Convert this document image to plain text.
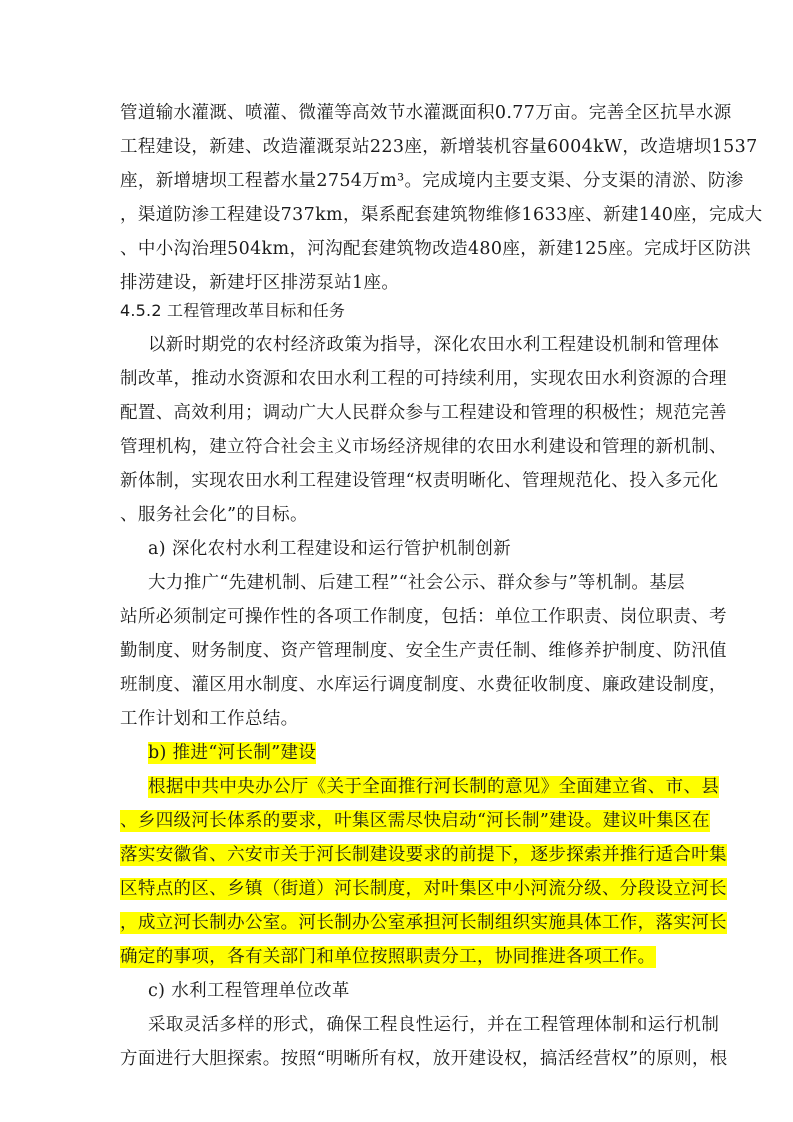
管道输水灌溉、喷灌、微灌等高效节水灌溉面积0.77万亩。完善全区抗旱水源
工程建设，新建、改造灌溉泵站223座，新增装机容量6004kW，改造塘坝1537
座，新增塘坝工程蓄水量2754万m³。完成境内主要支渠、分支渠的清淤、防渗
，渠道防渗工程建设737km，渠系配套建筑物维修1633座、新建140座，完成大
、中小沟治理504km，河沟配套建筑物改造480座，新建125座。完成圩区防洪
排涝建设，新建圩区排涝泵站1座。
4.5.2 工程管理改革目标和任务
以新时期党的农村经济政策为指导，深化农田水利工程建设机制和管理体
制改革，推动水资源和农田水利工程的可持续利用，实现农田水利资源的合理
配置、高效利用；调动广大人民群众参与工程建设和管理的积极性；规范完善
管理机构，建立符合社会主义市场经济规律的农田水利建设和管理的新机制、
新体制，实现农田水利工程建设管理“权责明晰化、管理规范化、投入多元化
、服务社会化”的目标。
a) 深化农村水利工程建设和运行管护机制创新
大力推广“先建机制、后建工程”“社会公示、群众参与”等机制。基层
站所必须制定可操作性的各项工作制度，包括：单位工作职责、岗位职责、考
勤制度、财务制度、资产管理制度、安全生产责任制、维修养护制度、防汛值
班制度、灌区用水制度、水库运行调度制度、水费征收制度、廉政建设制度，
工作计划和工作总结。
b) 推进“河长制”建设
根据中共中央办公厅《关于全面推行河长制的意见》全面建立省、市、县
、乡四级河长体系的要求，叶集区需尽快启动“河长制”建设。建议叶集区在
落实安徽省、六安市关于河长制建设要求的前提下，逐步探索并推行适合叶集
区特点的区、乡镇（街道）河长制度，对叶集区中小河流分级、分段设立河长
，成立河长制办公室。河长制办公室承担河长制组织实施具体工作，落实河长
确定的事项，各有关部门和单位按照职责分工，协同推进各项工作。
c) 水利工程管理单位改革
采取灵活多样的形式，确保工程良性运行，并在工程管理体制和运行机制
方面进行大胆探索。按照“明晰所有权，放开建设权，搞活经营权”的原则，根
